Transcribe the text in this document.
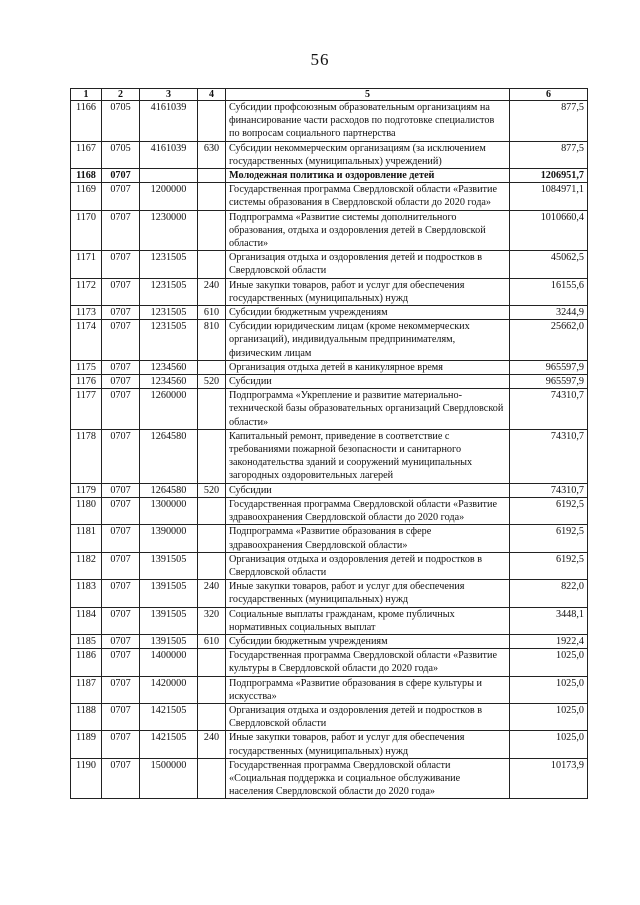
56
1	2	3	4	5	6
1166	0705	4161039		Субсидии профсоюзным образовательным организациям на финансирование части расходов по подготовке специалистов по вопросам социального партнерства	877,5
1167	0705	4161039	630	Субсидии некоммерческим организациям (за исключением государственных (муниципальных) учреждений)	877,5
1168	0707			Молодежная политика и оздоровление детей	1206951,7
1169	0707	1200000		Государственная программа Свердловской области «Развитие системы образования в Свердловской области до 2020 года»	1084971,1
1170	0707	1230000		Подпрограмма «Развитие системы дополнительного образования, отдыха и оздоровления детей в Свердловской области»	1010660,4
1171	0707	1231505		Организация отдыха и оздоровления детей и подростков в Свердловской области	45062,5
1172	0707	1231505	240	Иные закупки товаров, работ и услуг для обеспечения государственных (муниципальных) нужд	16155,6
1173	0707	1231505	610	Субсидии бюджетным учреждениям	3244,9
1174	0707	1231505	810	Субсидии юридическим лицам (кроме некоммерческих организаций), индивидуальным предпринимателям, физическим лицам	25662,0
1175	0707	1234560		Организация отдыха детей в каникулярное время	965597,9
1176	0707	1234560	520	Субсидии	965597,9
1177	0707	1260000		Подпрограмма «Укрепление и развитие материально-технической базы образовательных организаций Свердловской области»	74310,7
1178	0707	1264580		Капитальный ремонт, приведение в соответствие с требованиями пожарной безопасности и санитарного законодательства зданий и сооружений муниципальных загородных оздоровительных лагерей	74310,7
1179	0707	1264580	520	Субсидии	74310,7
1180	0707	1300000		Государственная программа Свердловской области «Развитие здравоохранения Свердловской области до 2020 года»	6192,5
1181	0707	1390000		Подпрограмма «Развитие образования в сфере здравоохранения Свердловской области»	6192,5
1182	0707	1391505		Организация отдыха и оздоровления детей и подростков в Свердловской области	6192,5
1183	0707	1391505	240	Иные закупки товаров, работ и услуг для обеспечения государственных (муниципальных) нужд	822,0
1184	0707	1391505	320	Социальные выплаты гражданам, кроме публичных нормативных социальных выплат	3448,1
1185	0707	1391505	610	Субсидии бюджетным учреждениям	1922,4
1186	0707	1400000		Государственная программа Свердловской области «Развитие культуры в Свердловской области до 2020 года»	1025,0
1187	0707	1420000		Подпрограмма «Развитие образования в сфере культуры и искусства»	1025,0
1188	0707	1421505		Организация отдыха и оздоровления детей и подростков в Свердловской области	1025,0
1189	0707	1421505	240	Иные закупки товаров, работ и услуг для обеспечения государственных (муниципальных) нужд	1025,0
1190	0707	1500000		Государственная программа Свердловской области «Социальная поддержка и социальное обслуживание населения Свердловской области до 2020 года»	10173,9
